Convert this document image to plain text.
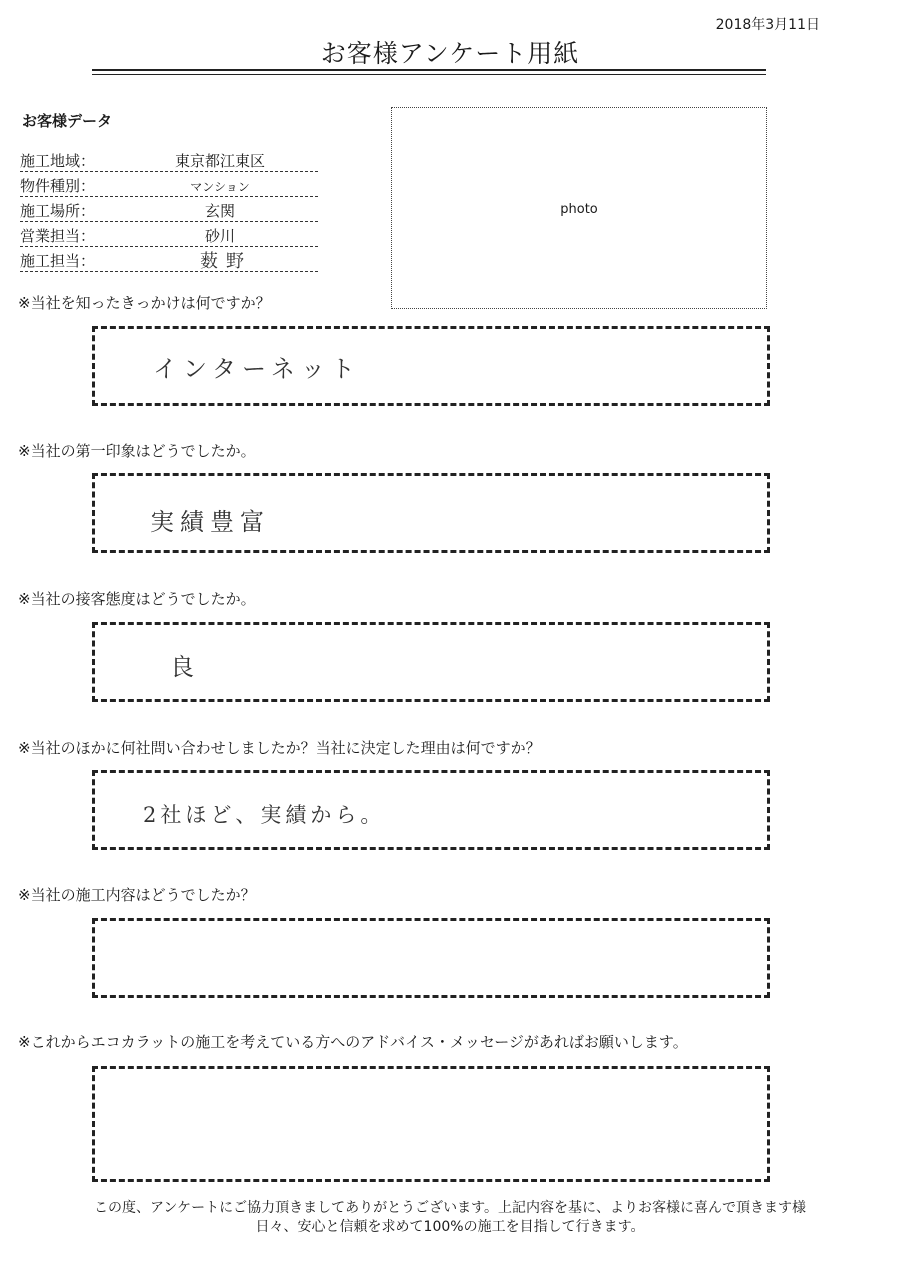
2018年3月11日
お客様アンケート用紙
お客様データ
施工地域：	東京都江東区
物件種別：	マンション
施工場所：	玄関
営業担当：	砂川
施工担当：	薮野
photo
※当社を知ったきっかけは何ですか？
インターネット
※当社の第一印象はどうでしたか。
実績豊富
※当社の接客態度はどうでしたか。
良
※当社のほかに何社問い合わせしましたか？当社に決定した理由は何ですか？
2社ほど、実績から。
※当社の施工内容はどうでしたか？
※これからエコカラットの施工を考えている方へのアドバイス・メッセージがあればお願いします。
この度、アンケートにご協力頂きましてありがとうございます。上記内容を基に、よりお客様に喜んで頂きます様
日々、安心と信頼を求めて100%の施工を目指して行きます。
